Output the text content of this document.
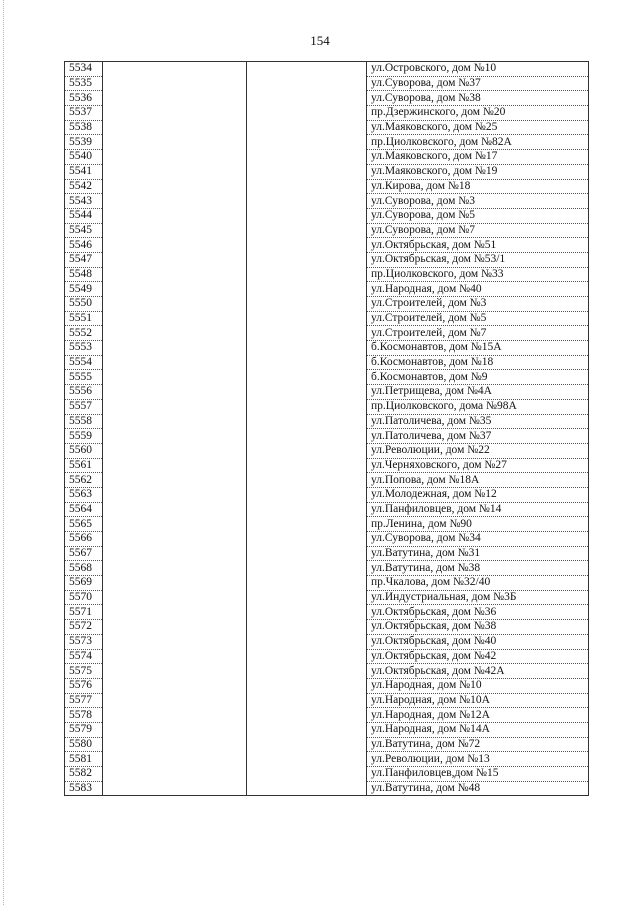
154
5534			ул.Островского, дом №10
5535			ул.Суворова, дом №37
5536			ул.Суворова, дом №38
5537			пр.Дзержинского, дом №20
5538			ул.Маяковского, дом №25
5539			пр.Циолковского, дом №82А
5540			ул.Маяковского, дом №17
5541			ул.Маяковского, дом №19
5542			ул.Кирова, дом №18
5543			ул.Суворова, дом №3
5544			ул.Суворова, дом №5
5545			ул.Суворова, дом №7
5546			ул.Октябрьская, дом №51
5547			ул.Октябрьская, дом №53/1
5548			пр.Циолковского, дом №33
5549			ул.Народная, дом №40
5550			ул.Строителей, дом №3
5551			ул.Строителей, дом №5
5552			ул.Строителей, дом №7
5553			б.Космонавтов, дом №15А
5554			б.Космонавтов, дом №18
5555			б.Космонавтов, дом №9
5556			ул.Петрищева, дом №4А
5557			пр.Циолковского, дома №98А
5558			ул.Патоличева, дом №35
5559			ул.Патоличева, дом №37
5560			ул.Революции, дом №22
5561			ул.Черняховского, дом №27
5562			ул.Попова, дом №18А
5563			ул.Молодежная, дом №12
5564			ул.Панфиловцев, дом №14
5565			пр.Ленина, дом №90
5566			ул.Суворова, дом №34
5567			ул.Ватутина, дом №31
5568			ул.Ватутина, дом №38
5569			пр.Чкалова, дом №32/40
5570			ул.Индустриальная, дом №3Б
5571			ул.Октябрьская, дом №36
5572			ул.Октябрьская, дом №38
5573			ул.Октябрьская, дом №40
5574			ул.Октябрьская, дом №42
5575			ул.Октябрьская, дом №42А
5576			ул.Народная, дом №10
5577			ул.Народная, дом №10А
5578			ул.Народная, дом №12А
5579			ул.Народная, дом №14А
5580			ул.Ватутина, дом №72
5581			ул.Революции, дом №13
5582			ул.Панфиловцев,дом №15
5583			ул.Ватутина, дом №48
